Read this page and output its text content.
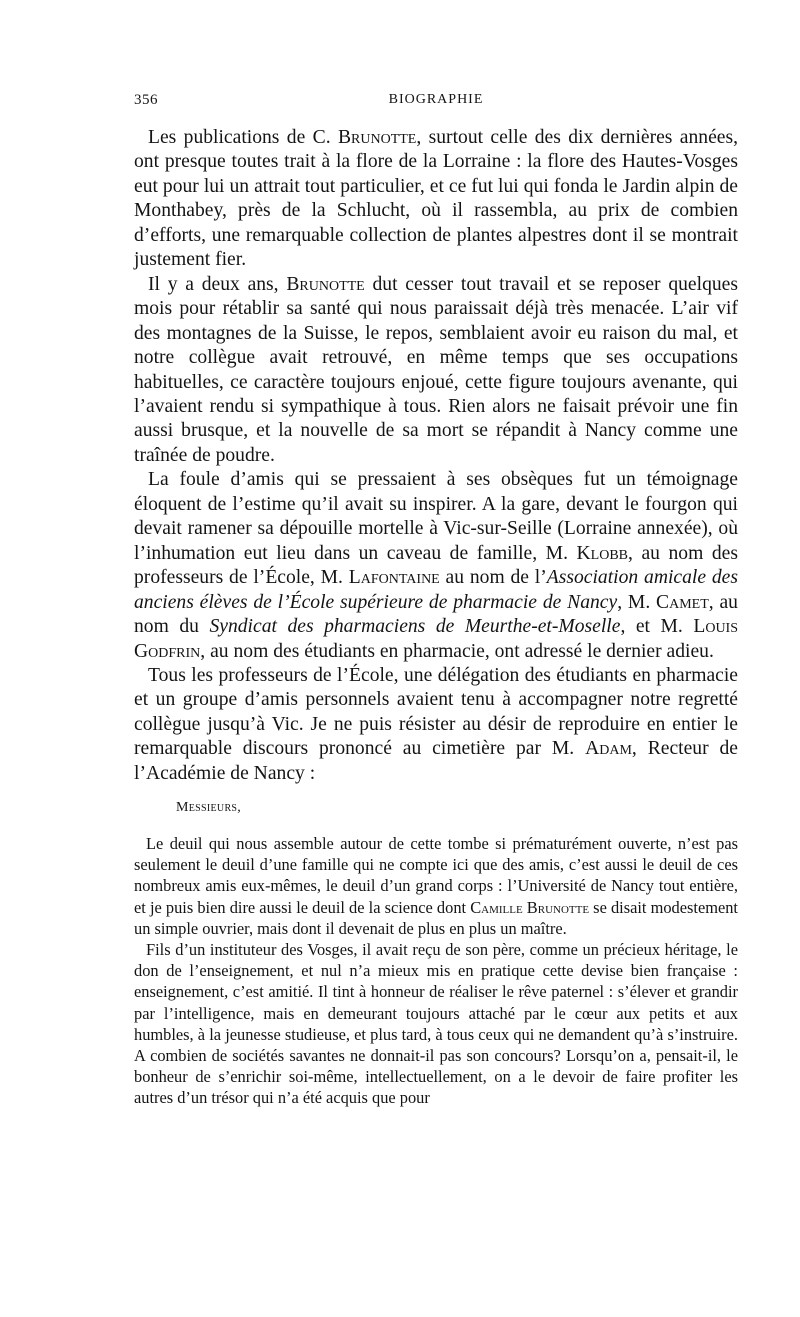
356	BIOGRAPHIE

Les publications de C. Brunotte, surtout celle des dix dernières années, ont presque toutes trait à la flore de la Lorraine : la flore des Hautes-Vosges eut pour lui un attrait tout particulier, et ce fut lui qui fonda le Jardin alpin de Monthabey, près de la Schlucht, où il rassembla, au prix de combien d’efforts, une remarquable collection de plantes alpestres dont il se montrait justement fier.

Il y a deux ans, Brunotte dut cesser tout travail et se reposer quelques mois pour rétablir sa santé qui nous paraissait déjà très menacée. L’air vif des montagnes de la Suisse, le repos, semblaient avoir eu raison du mal, et notre collègue avait retrouvé, en même temps que ses occupations habituelles, ce caractère toujours enjoué, cette figure toujours avenante, qui l’avaient rendu si sympathique à tous. Rien alors ne faisait prévoir une fin aussi brusque, et la nouvelle de sa mort se répandit à Nancy comme une traînée de poudre.

La foule d’amis qui se pressaient à ses obsèques fut un témoignage éloquent de l’estime qu’il avait su inspirer. A la gare, devant le fourgon qui devait ramener sa dépouille mortelle à Vic-sur-Seille (Lorraine annexée), où l’inhumation eut lieu dans un caveau de famille, M. Klobb, au nom des professeurs de l’École, M. Lafontaine au nom de l’Association amicale des anciens élèves de l’École supérieure de pharmacie de Nancy, M. Camet, au nom du Syndicat des pharmaciens de Meurthe-et-Moselle, et M. Louis Godfrin, au nom des étudiants en pharmacie, ont adressé le dernier adieu.

Tous les professeurs de l’École, une délégation des étudiants en pharmacie et un groupe d’amis personnels avaient tenu à accompagner notre regretté collègue jusqu’à Vic. Je ne puis résister au désir de reproduire en entier le remarquable discours prononcé au cimetière par M. Adam, Recteur de l’Académie de Nancy :

Messieurs,

Le deuil qui nous assemble autour de cette tombe si prématurément ouverte, n’est pas seulement le deuil d’une famille qui ne compte ici que des amis, c’est aussi le deuil de ces nombreux amis eux-mêmes, le deuil d’un grand corps : l’Université de Nancy tout entière, et je puis bien dire aussi le deuil de la science dont Camille Brunotte se disait modestement un simple ouvrier, mais dont il devenait de plus en plus un maître.

Fils d’un instituteur des Vosges, il avait reçu de son père, comme un précieux héritage, le don de l’enseignement, et nul n’a mieux mis en pratique cette devise bien française : enseignement, c’est amitié. Il tint à honneur de réaliser le rêve paternel : s’élever et grandir par l’intelligence, mais en demeurant toujours attaché par le cœur aux petits et aux humbles, à la jeunesse studieuse, et plus tard, à tous ceux qui ne demandent qu’à s’instruire. A combien de sociétés savantes ne donnait-il pas son concours? Lorsqu’on a, pensait-il, le bonheur de s’enrichir soi-même, intellectuellement, on a le devoir de faire profiter les autres d’un trésor qui n’a été acquis que pour
